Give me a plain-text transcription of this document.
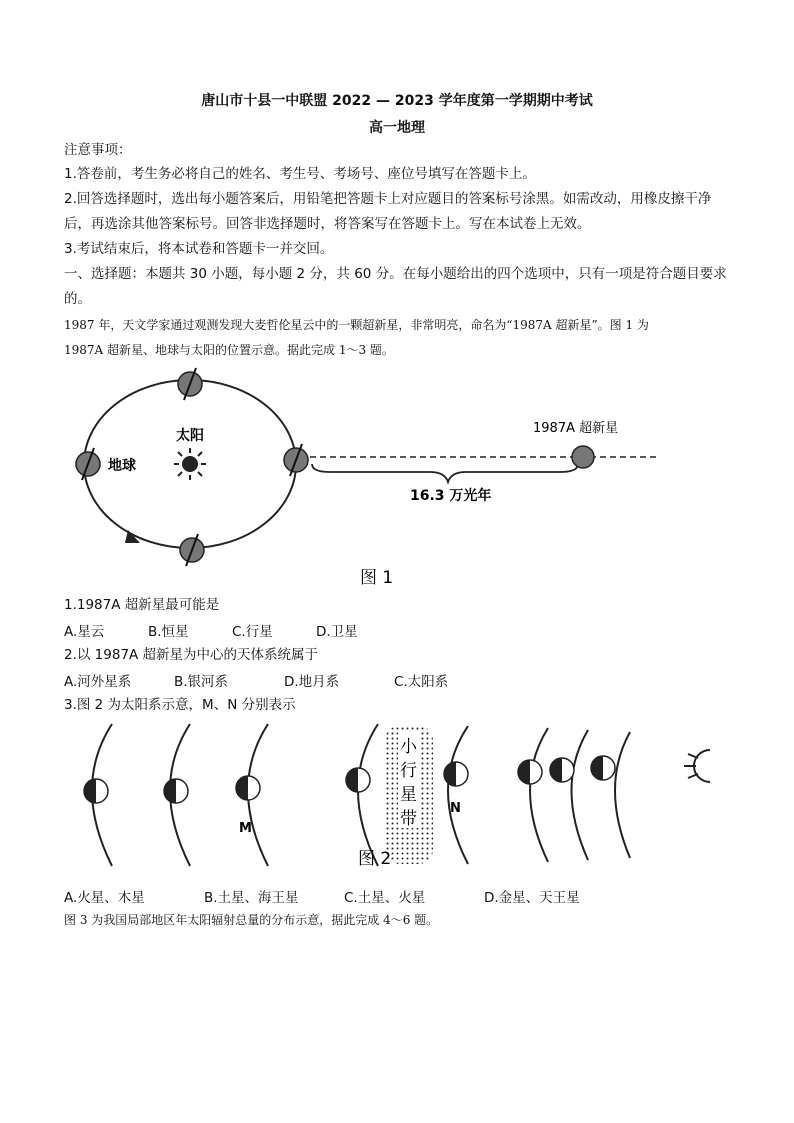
唐山市十县一中联盟 2022 — 2023 学年度第一学期期中考试
高一地理
注意事项：
1.答卷前，考生务必将自己的姓名、考生号、考场号、座位号填写在答题卡上。
2.回答选择题时，选出每小题答案后，用铅笔把答题卡上对应题目的答案标号涂黑。如需改动，用橡皮擦干净
后，再选涂其他答案标号。回答非选择题时，将答案写在答题卡上。写在本试卷上无效。
3.考试结束后，将本试卷和答题卡一并交回。
一、选择题：本题共 30 小题，每小题 2 分，共 60 分。在每小题给出的四个选项中，只有一项是符合题目要求
的。
1987 年，天文学家通过观测发现大麦哲伦星云中的一颗超新星，非常明亮，命名为“1987A 超新星”。图 1 为
1987A 超新星、地球与太阳的位置示意。据此完成 1～3 题。
太阳
地球
1987A 超新星
16.3 万光年
图 1
1.1987A 超新星最可能是
A.星云	B.恒星	C.行星	D.卫星
2.以 1987A 超新星为中心的天体系统属于
A.河外星系	B.银河系	D.地月系	C.太阳系
3.图 2 为太阳系示意，M、N 分别表示
小
行
星
带
M
N
图 2
A.火星、木星	B.土星、海王星	C.土星、火星	D.金星、天王星
图 3 为我国局部地区年太阳辐射总量的分布示意，据此完成 4～6 题。
